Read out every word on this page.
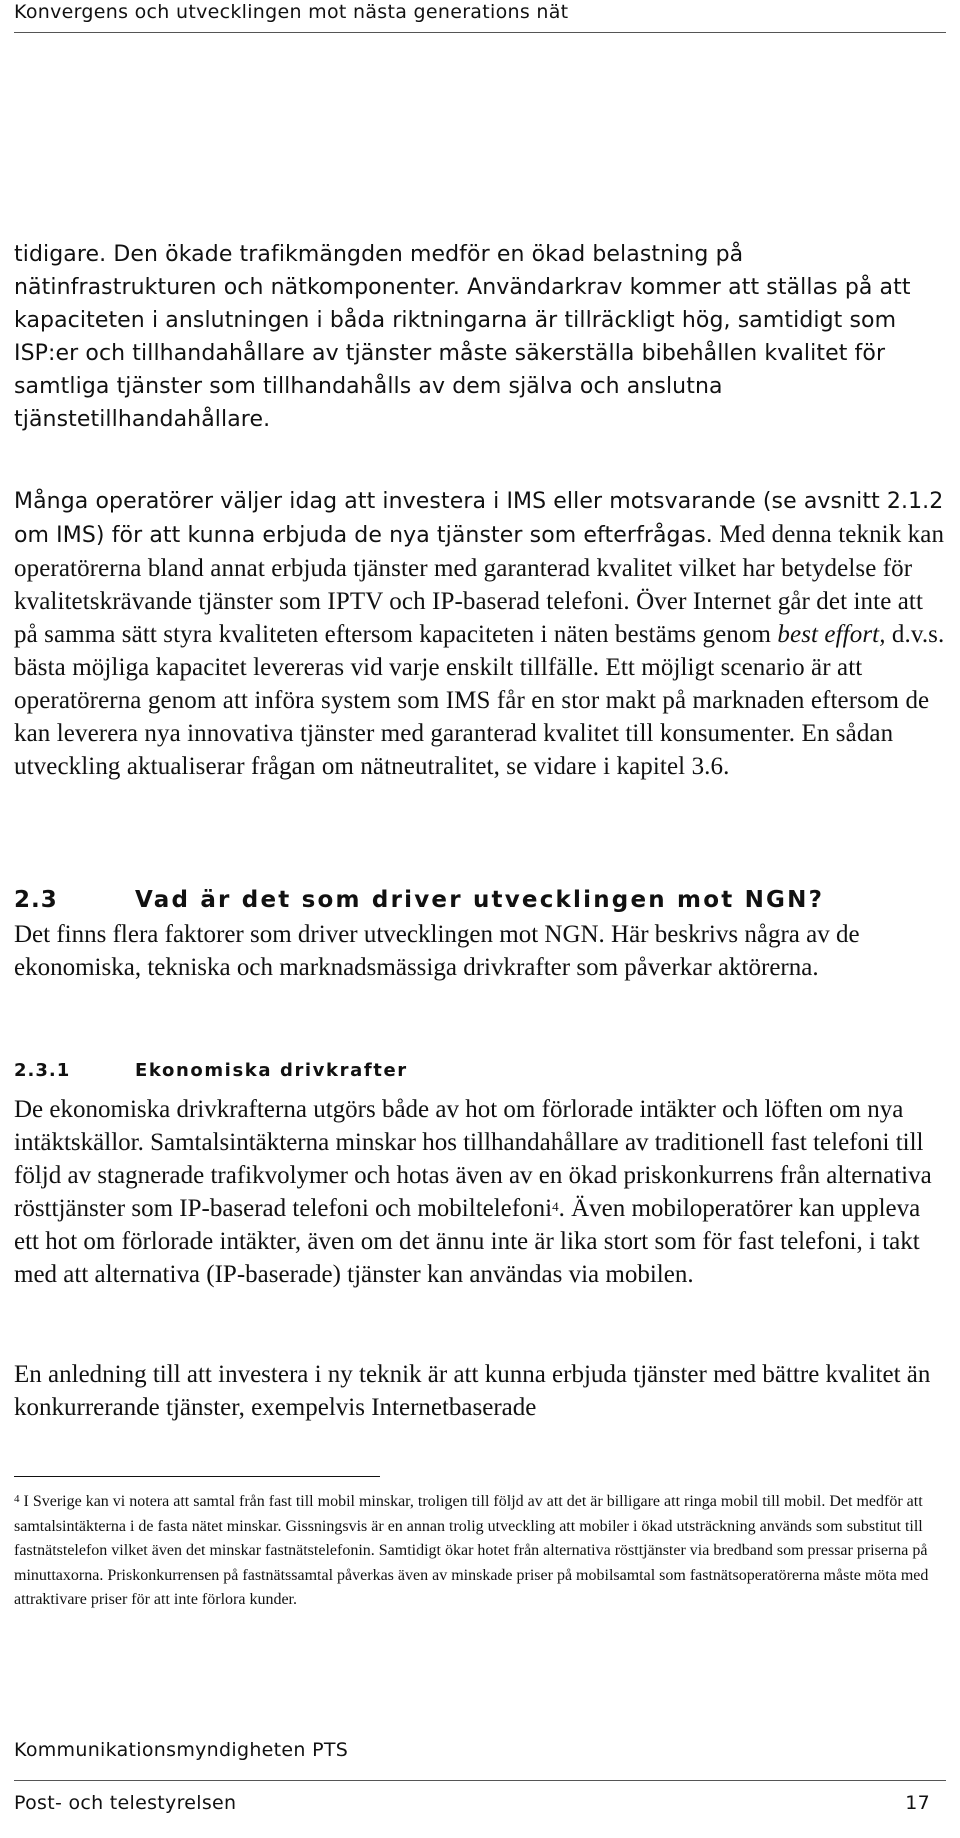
Konvergens och utvecklingen mot nästa generations nät
tidigare. Den ökade trafikmängden medför en ökad belastning på nätinfrastrukturen och nätkomponenter. Användarkrav kommer att ställas på att kapaciteten i anslutningen i båda riktningarna är tillräckligt hög, samtidigt som ISP:er och tillhandahållare av tjänster måste säkerställa bibehållen kvalitet för samtliga tjänster som tillhandahålls av dem själva och anslutna tjänstetillhandahållare.
Många operatörer väljer idag att investera i IMS eller motsvarande (se avsnitt 2.1.2 om IMS) för att kunna erbjuda de nya tjänster som efterfrågas. Med denna teknik kan operatörerna bland annat erbjuda tjänster med garanterad kvalitet vilket har betydelse för kvalitetskrävande tjänster som IPTV och IP-baserad telefoni. Över Internet går det inte att på samma sätt styra kvaliteten eftersom kapaciteten i näten bestäms genom best effort, d.v.s. bästa möjliga kapacitet levereras vid varje enskilt tillfälle. Ett möjligt scenario är att operatörerna genom att införa system som IMS får en stor makt på marknaden eftersom de kan leverera nya innovativa tjänster med garanterad kvalitet till konsumenter. En sådan utveckling aktualiserar frågan om nätneutralitet, se vidare i kapitel 3.6.
2.3	Vad är det som driver utvecklingen mot NGN?
Det finns flera faktorer som driver utvecklingen mot NGN. Här beskrivs några av de ekonomiska, tekniska och marknadsmässiga drivkrafter som påverkar aktörerna.
2.3.1	Ekonomiska drivkrafter
De ekonomiska drivkrafterna utgörs både av hot om förlorade intäkter och löften om nya intäktskällor. Samtalsintäkterna minskar hos tillhandahållare av traditionell fast telefoni till följd av stagnerade trafikvolymer och hotas även av en ökad priskonkurrens från alternativa rösttjänster som IP-baserad telefoni och mobiltelefoni$^4$. Även mobiloperatörer kan uppleva ett hot om förlorade intäkter, även om det ännu inte är lika stort som för fast telefoni, i takt med att alternativa (IP-baserade) tjänster kan användas via mobilen.
En anledning till att investera i ny teknik är att kunna erbjuda tjänster med bättre kvalitet än konkurrerande tjänster, exempelvis Internetbaserade
$^4$ I Sverige kan vi notera att samtal från fast till mobil minskar, troligen till följd av att det är billigare att ringa mobil till mobil. Det medför att samtalsintäkterna i de fasta nätet minskar. Gissningsvis är en annan trolig utveckling att mobiler i ökad utsträckning används som substitut till fastnätstelefon vilket även det minskar fastnätstelefonin. Samtidigt ökar hotet från alternativa rösttjänster via bredband som pressar priserna på minuttaxorna. Priskonkurrensen på fastnätssamtal påverkas även av minskade priser på mobilsamtal som fastnätsoperatörerna måste möta med attraktivare priser för att inte förlora kunder.
Kommunikationsmyndigheten PTS
Post- och telestyrelsen	17
